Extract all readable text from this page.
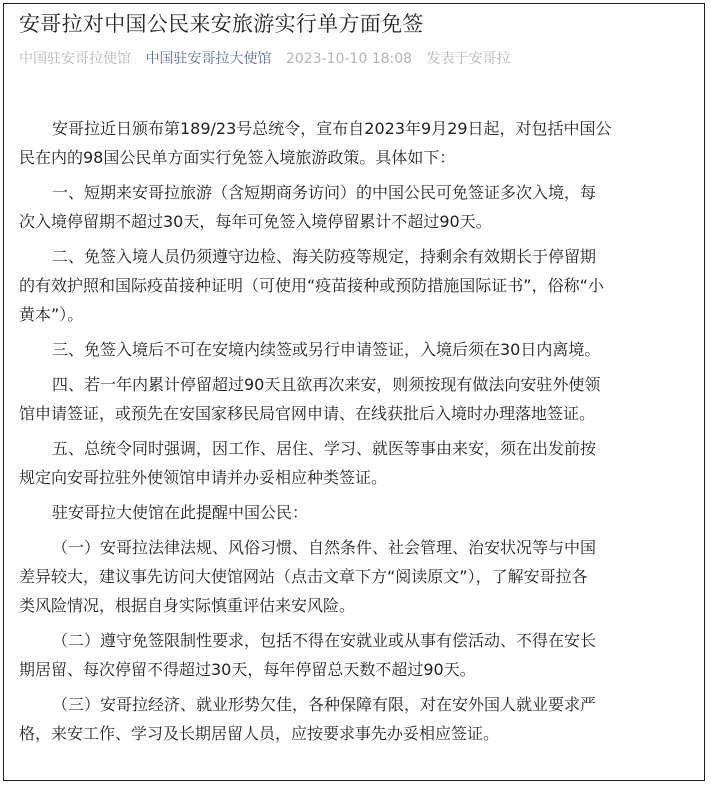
安哥拉对中国公民来安旅游实行单方面免签
中国驻安哥拉使馆 中国驻安哥拉大使馆 2023-10-10 18:08 发表于安哥拉

安哥拉近日颁布第189/23号总统令，宣布自2023年9月29日起，对包括中国公
民在内的98国公民单方面实行免签入境旅游政策。具体如下：

一、短期来安哥拉旅游（含短期商务访问）的中国公民可免签证多次入境，每
次入境停留期不超过30天，每年可免签入境停留累计不超过90天。

二、免签入境人员仍须遵守边检、海关防疫等规定，持剩余有效期长于停留期
的有效护照和国际疫苗接种证明（可使用“疫苗接种或预防措施国际证书”，俗称“小
黄本”）。

三、免签入境后不可在安境内续签或另行申请签证，入境后须在30日内离境。

四、若一年内累计停留超过90天且欲再次来安，则须按现有做法向安驻外使领
馆申请签证，或预先在安国家移民局官网申请、在线获批后入境时办理落地签证。

五、总统令同时强调，因工作、居住、学习、就医等事由来安，须在出发前按
规定向安哥拉驻外使领馆申请并办妥相应种类签证。

驻安哥拉大使馆在此提醒中国公民：

（一）安哥拉法律法规、风俗习惯、自然条件、社会管理、治安状况等与中国
差异较大，建议事先访问大使馆网站（点击文章下方“阅读原文”），了解安哥拉各
类风险情况，根据自身实际慎重评估来安风险。

（二）遵守免签限制性要求，包括不得在安就业或从事有偿活动、不得在安长
期居留、每次停留不得超过30天，每年停留总天数不超过90天。

（三）安哥拉经济、就业形势欠佳，各种保障有限，对在安外国人就业要求严
格，来安工作、学习及长期居留人员，应按要求事先办妥相应签证。
